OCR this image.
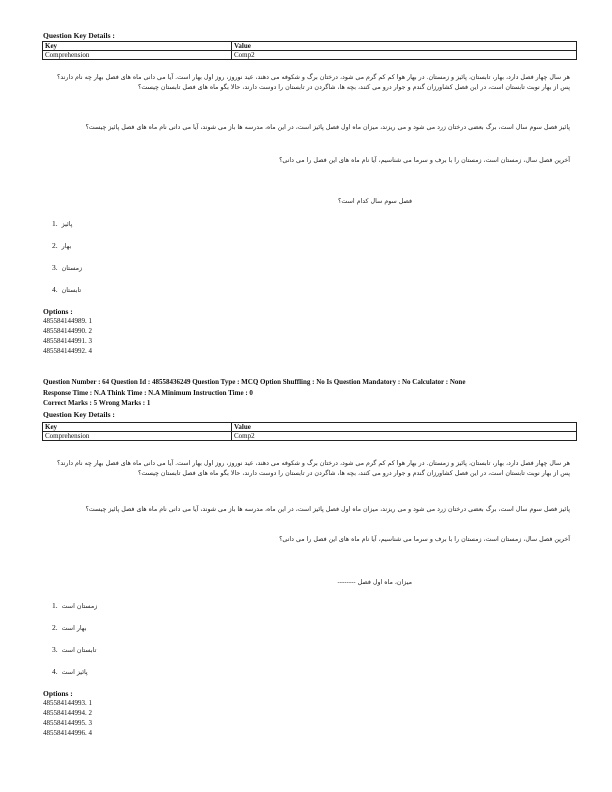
Question Key Details :
Key	Value
Comprehension	Comp2
هر سال چهار فصل دارد، بهار، تابستان، پائیز و زمستان. در بهار هوا کم کم گرم می شود، درختان برگ و شکوفه می دهند، عید نوروز، روز اول بهار است. آیا می دانی ماه های فصل بهار چه نام دارند؟ پس از بهار نوبت تابستان است، در این فصل کشاورزان گندم و جوار درو می کنند، بچه ها، شاگردن در تابستان را دوست دارند، حالا بگو ماه های فصل تابستان چیست؟
پائیز فصل سوم سال است، برگ بعضی درختان زرد می شود و می ریزند، میزان ماه اول فصل پائیز است، در این ماه، مدرسه ها باز می شوند، آیا می دانی نام ماه های فصل پائیز چیست؟
آخرین فصل سال، زمستان است، زمستان را با برف و سرما می شناسیم، آیا نام ماه های این فصل را می دانی؟
فصل سوم سال کدام است؟
1. پائیز
2. بهار
3. زمستان
4. تابستان
Options :
485584144989. 1
485584144990. 2
485584144991. 3
485584144992. 4
Question Number : 64 Question Id : 48558436249 Question Type : MCQ Option Shuffling : No Is Question Mandatory : No Calculator : None
Response Time : N.A Think Time : N.A Minimum Instruction Time : 0
Correct Marks : 5 Wrong Marks : 1
Question Key Details :
Key	Value
Comprehension	Comp2
هر سال چهار فصل دارد، بهار، تابستان، پائیز و زمستان. در بهار هوا کم کم گرم می شود، درختان برگ و شکوفه می دهند، عید نوروز، روز اول بهار است. آیا می دانی ماه های فصل بهار چه نام دارند؟ پس از بهار نوبت تابستان است، در این فصل کشاورزان گندم و جوار درو می کنند، بچه ها، شاگردن در تابستان را دوست دارند، حالا بگو ماه های فصل تابستان چیست؟
پائیز فصل سوم سال است، برگ بعضی درختان زرد می شود و می ریزند، میزان ماه اول فصل پائیز است، در این ماه، مدرسه ها باز می شوند، آیا می دانی نام ماه های فصل پائیز چیست؟
آخرین فصل سال، زمستان است، زمستان را با برف و سرما می شناسیم، آیا نام ماه های این فصل را می دانی؟
میزان، ماه اول فصل --------
1. زمستان است
2. بهار است
3. تابستان است
4. پائیز است
Options :
485584144993. 1
485584144994. 2
485584144995. 3
485584144996. 4
